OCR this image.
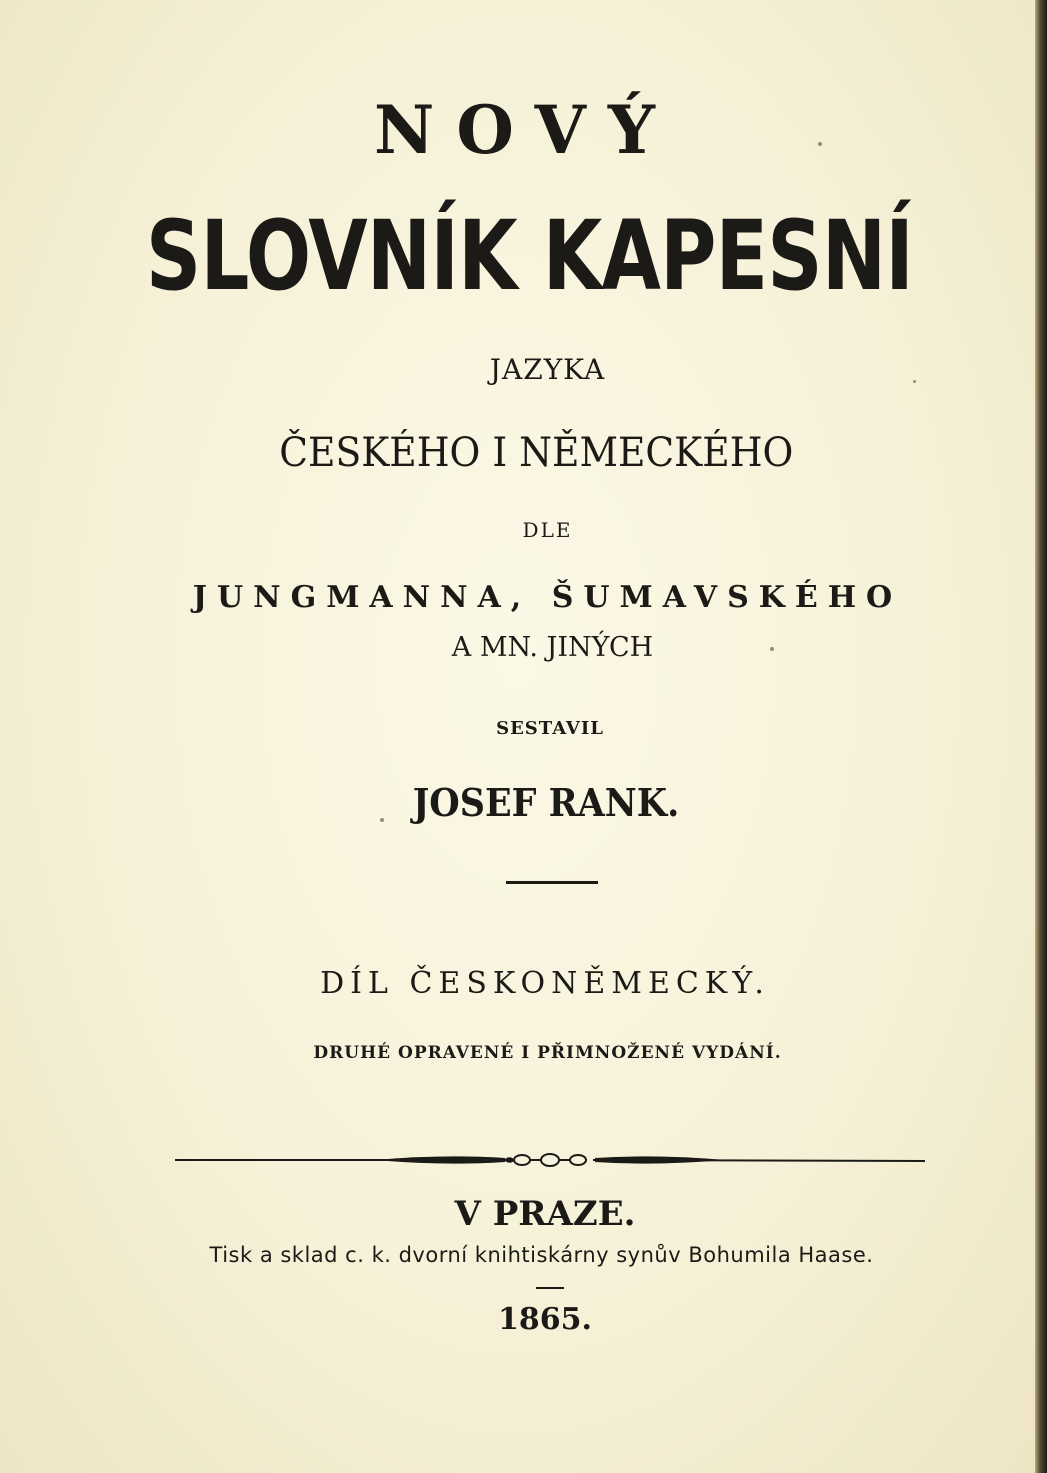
NOVÝ
SLOVNÍK KAPESNÍ
JAZYKA
ČESKÉHO I NĚMECKÉHO
DLE
JUNGMANNA, ŠUMAVSKÉHO
A MN. JINÝCH
SESTAVIL
JOSEF RANK.
DÍL ČESKONĚMECKÝ.
DRUHÉ OPRAVENÉ I PŘIMNOŽENÉ VYDÁNÍ.
V PRAZE.
Tisk a sklad c. k. dvorní knihtiskárny synův Bohumila Haase.
1865.
